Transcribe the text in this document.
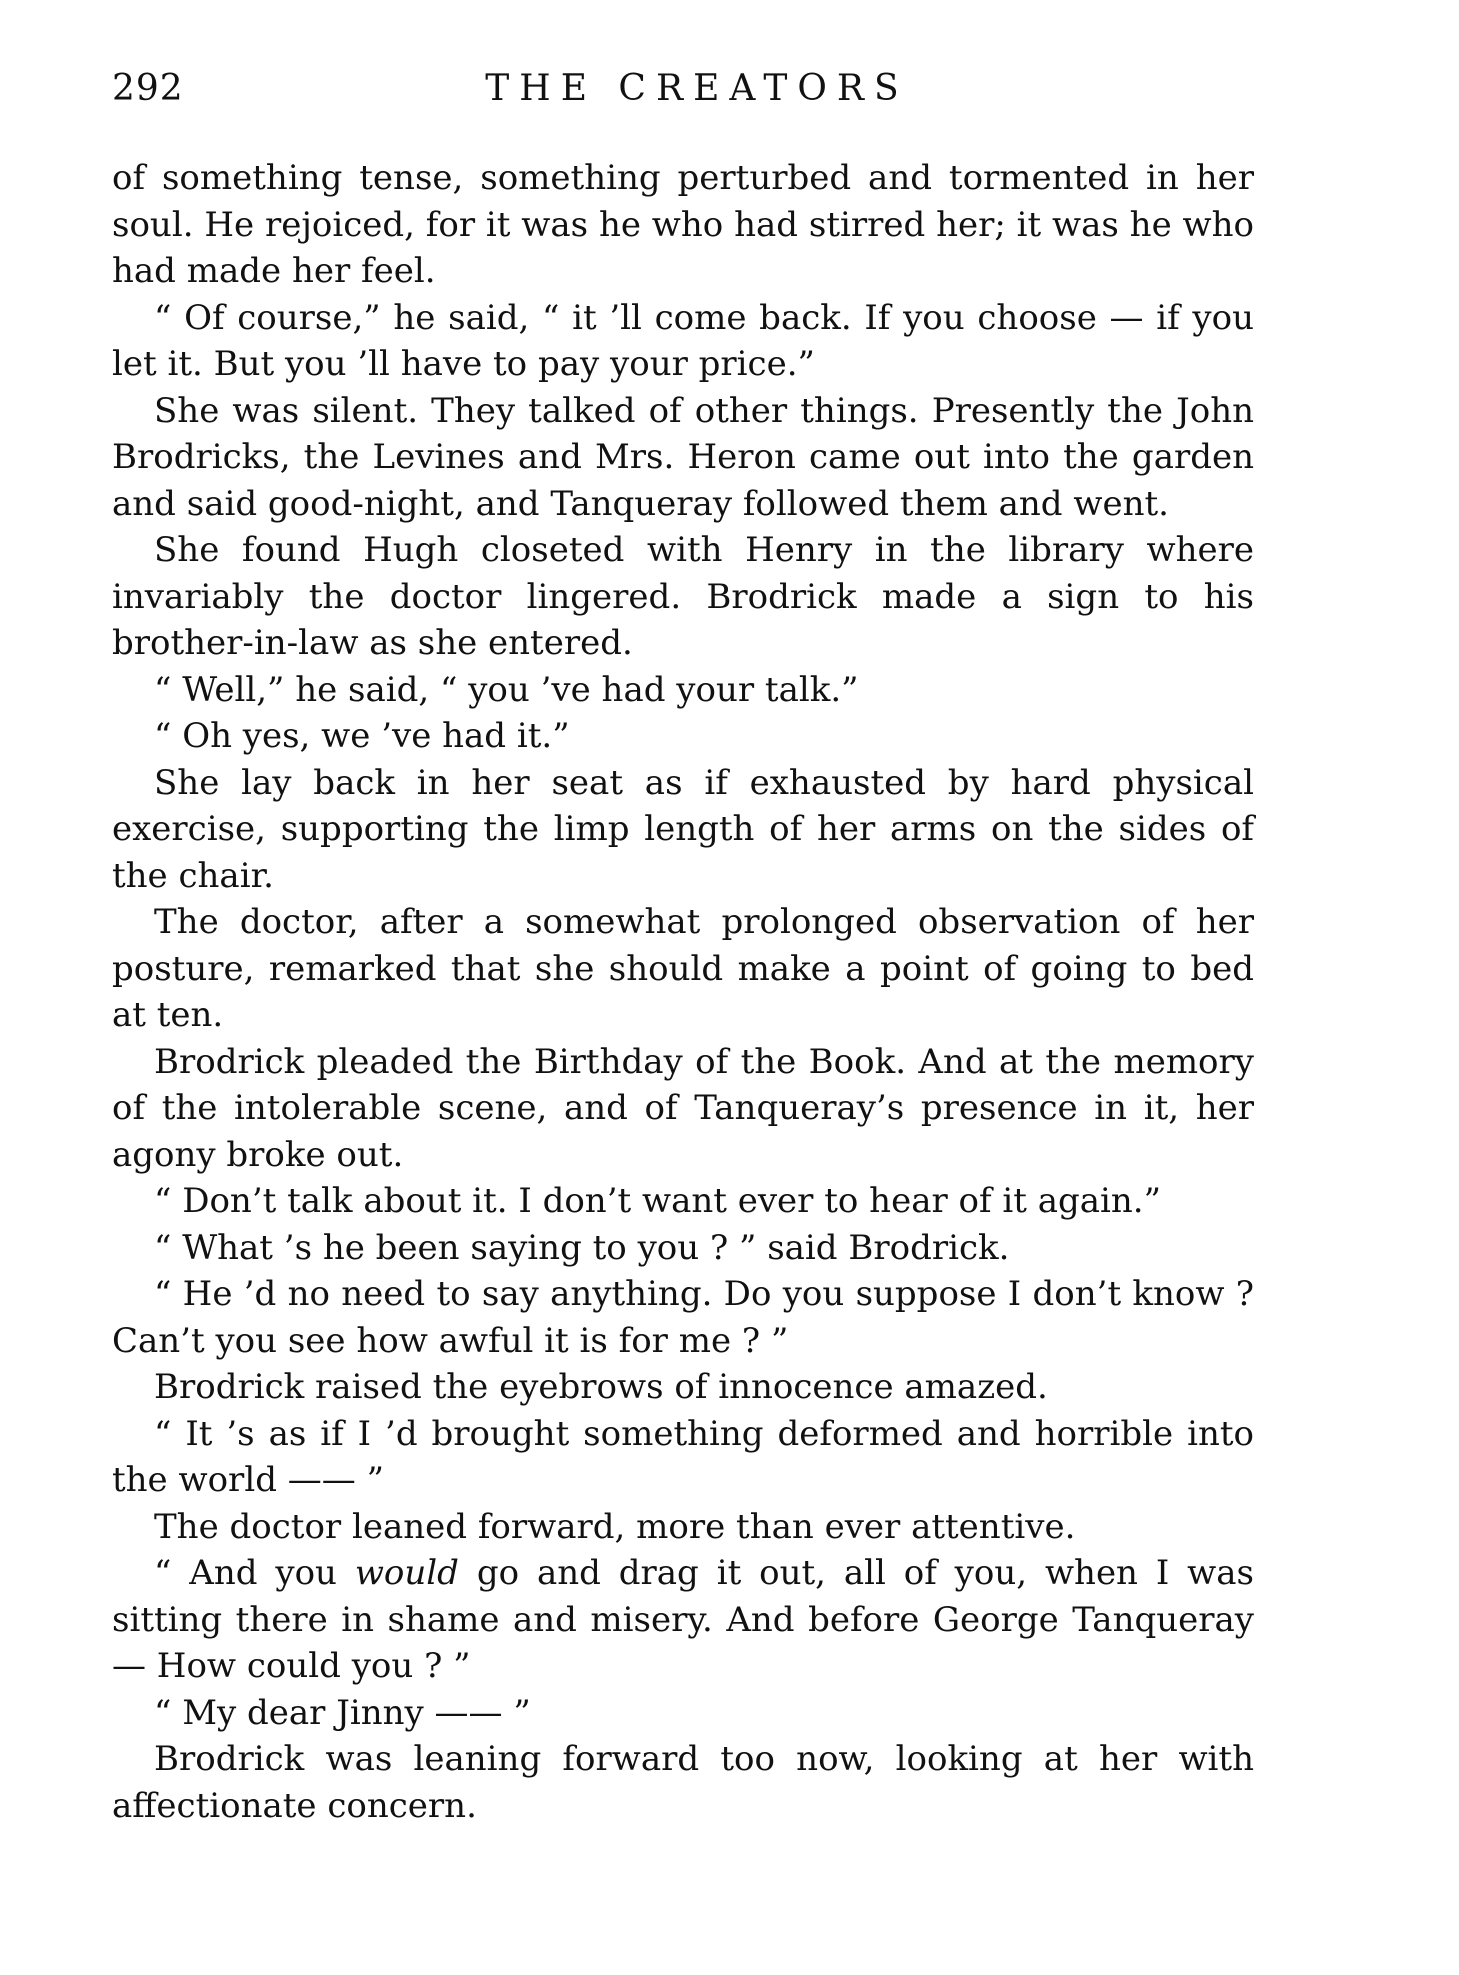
292	THE CREATORS

of something tense, something perturbed and tormented in her soul. He rejoiced, for it was he who had stirred her; it was he who had made her feel.

“ Of course,” he said, “ it ’ll come back. If you choose — if you let it. But you ’ll have to pay your price.”

She was silent. They talked of other things. Presently the John Brodricks, the Levines and Mrs. Heron came out into the garden and said good-night, and Tanqueray followed them and went.

She found Hugh closeted with Henry in the library where invariably the doctor lingered. Brodrick made a sign to his brother-in-law as she entered.

“ Well,” he said, “ you ’ve had your talk.”

“ Oh yes, we ’ve had it.”

She lay back in her seat as if exhausted by hard physical exercise, supporting the limp length of her arms on the sides of the chair.

The doctor, after a somewhat prolonged observation of her posture, remarked that she should make a point of going to bed at ten.

Brodrick pleaded the Birthday of the Book. And at the memory of the intolerable scene, and of Tanqueray’s presence in it, her agony broke out.

“ Don’t talk about it. I don’t want ever to hear of it again.”

“ What ’s he been saying to you ? ” said Brodrick.

“ He ’d no need to say anything. Do you suppose I don’t know ? Can’t you see how awful it is for me ? ”

Brodrick raised the eyebrows of innocence amazed.

“ It ’s as if I ’d brought something deformed and horrible into the world —— ”

The doctor leaned forward, more than ever attentive.

“ And you would go and drag it out, all of you, when I was sitting there in shame and misery. And before George Tanqueray — How could you ? ”

“ My dear Jinny —— ”

Brodrick was leaning forward too now, looking at her with affectionate concern.
